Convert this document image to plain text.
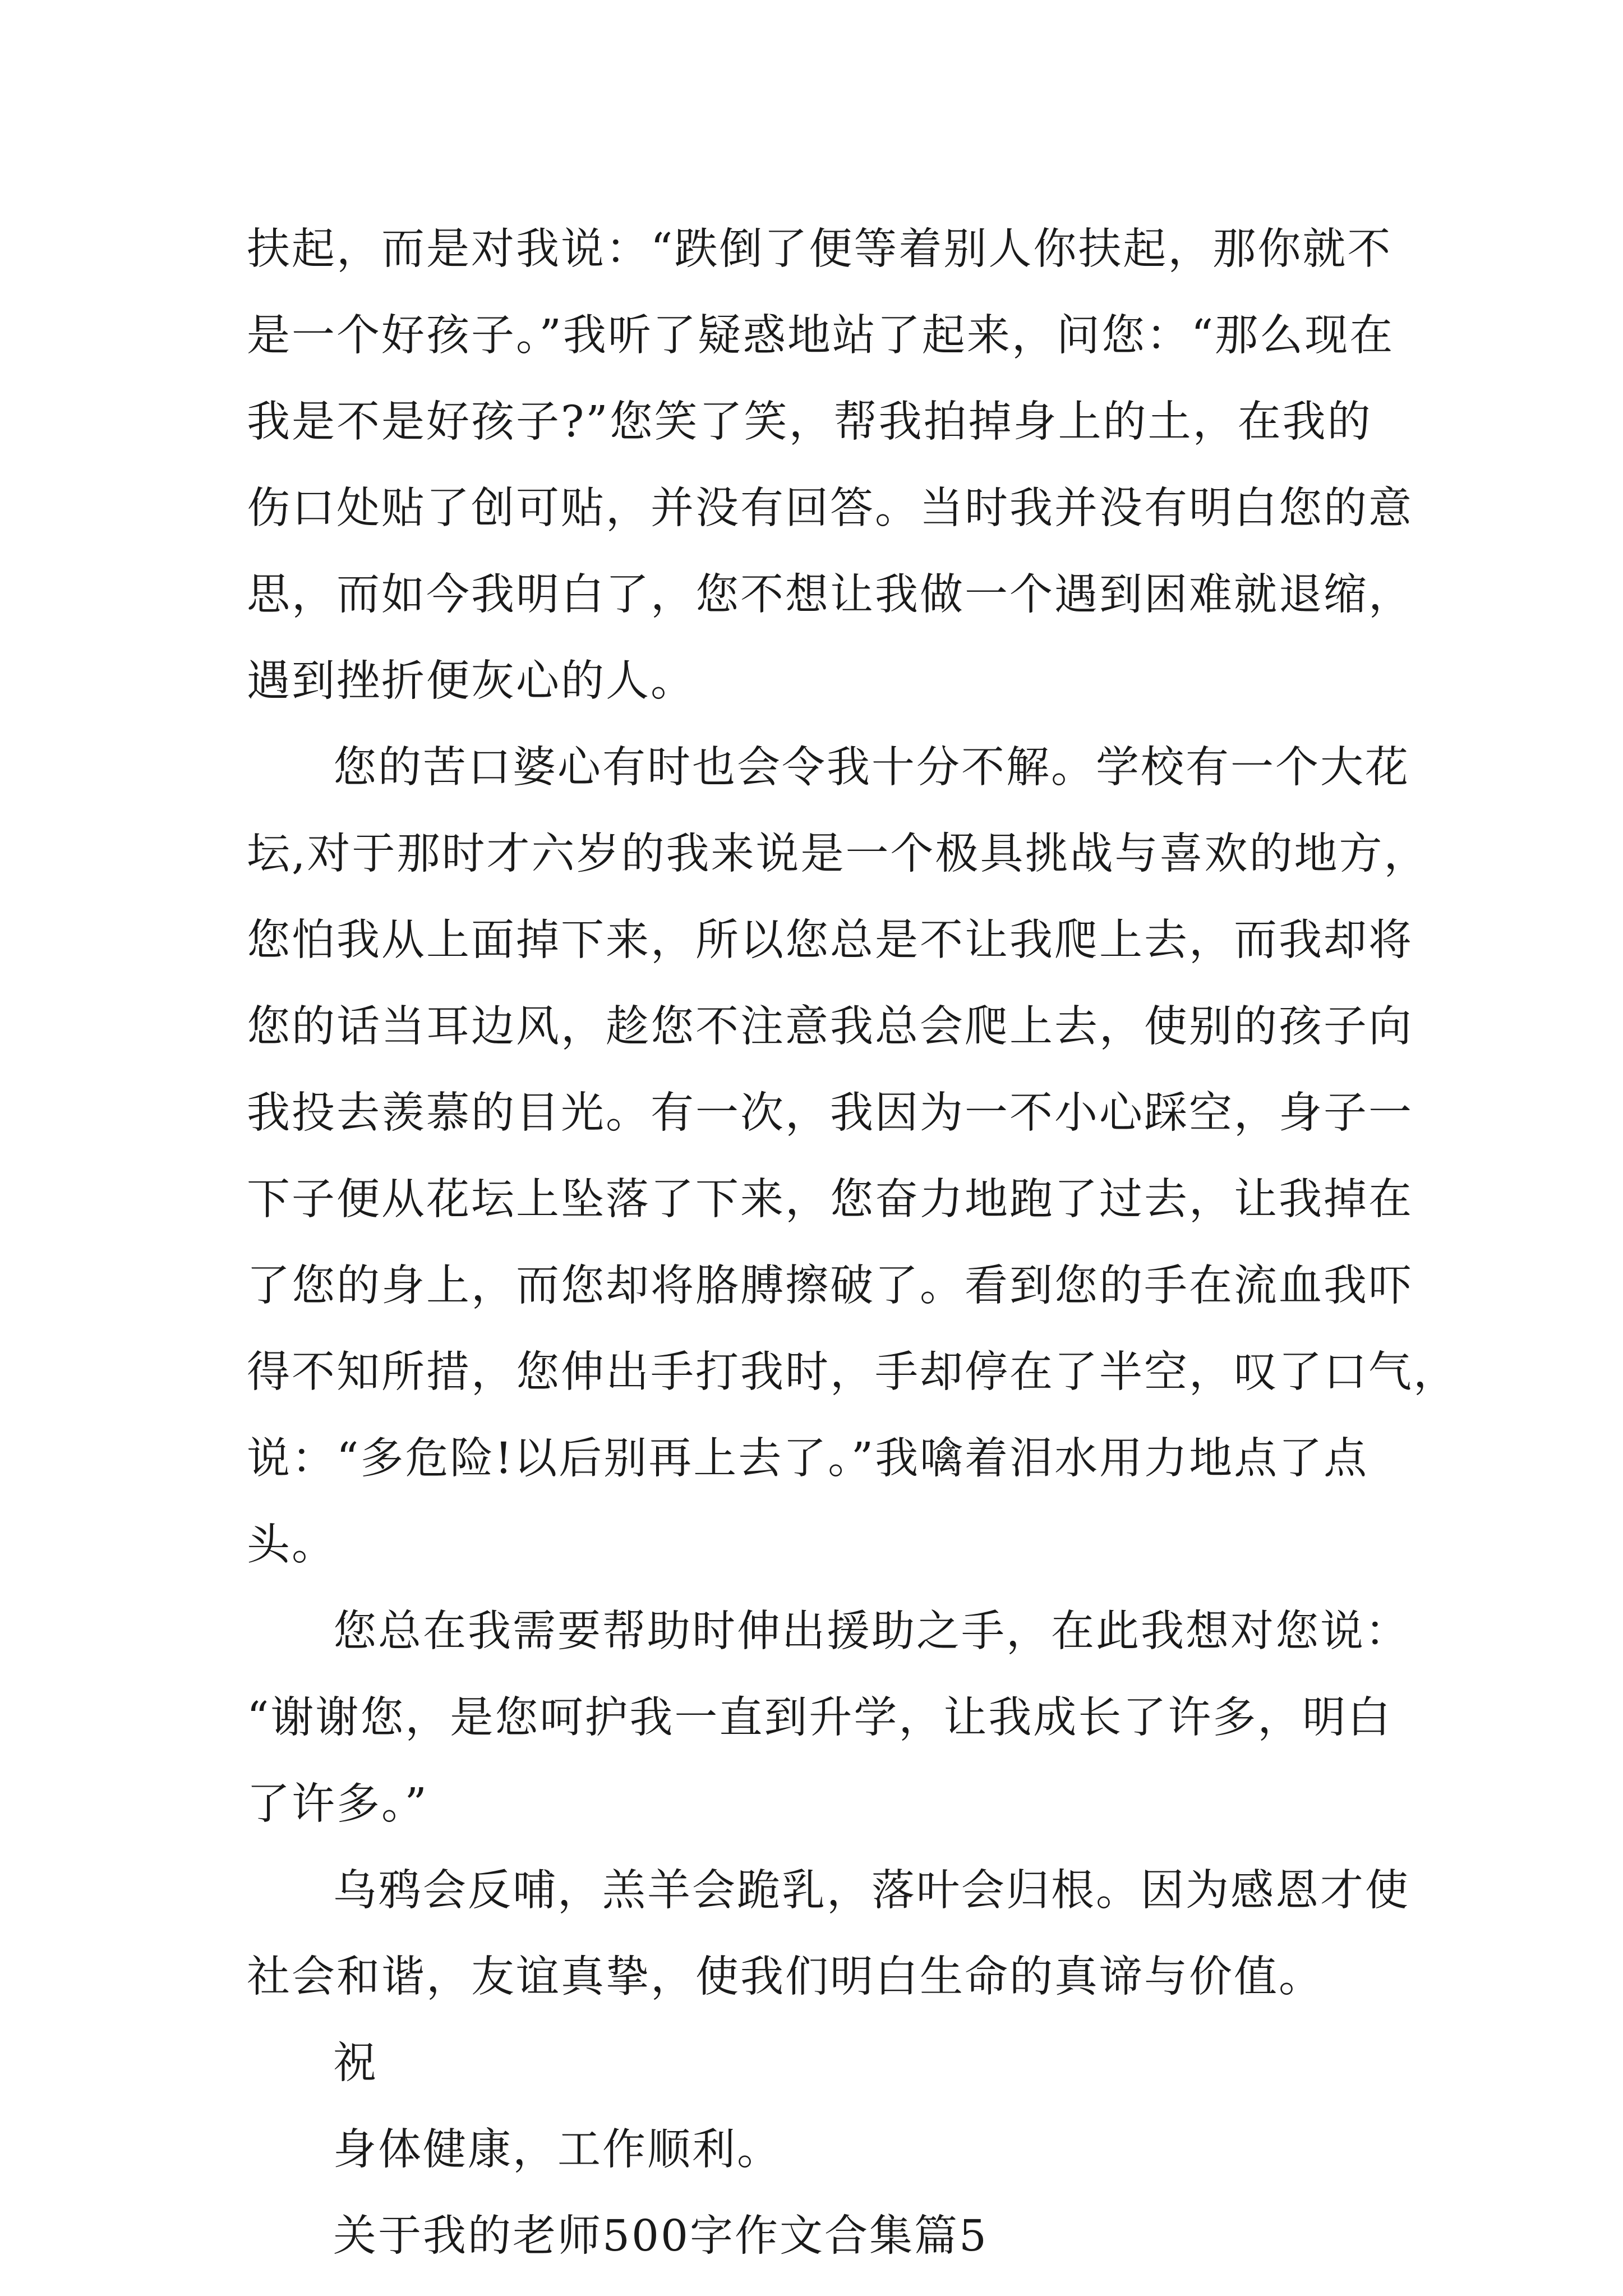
扶起，而是对我说：“跌倒了便等着别人你扶起，那你就不
是一个好孩子。”我听了疑惑地站了起来，问您：“那么现在
我是不是好孩子?”您笑了笑，帮我拍掉身上的土，在我的
伤口处贴了创可贴，并没有回答。当时我并没有明白您的意
思，而如今我明白了，您不想让我做一个遇到困难就退缩，
遇到挫折便灰心的人。
您的苦口婆心有时也会令我十分不解。学校有一个大花
坛,对于那时才六岁的我来说是一个极具挑战与喜欢的地方，
您怕我从上面掉下来，所以您总是不让我爬上去，而我却将
您的话当耳边风，趁您不注意我总会爬上去，使别的孩子向
我投去羡慕的目光。有一次，我因为一不小心踩空，身子一
下子便从花坛上坠落了下来，您奋力地跑了过去，让我掉在
了您的身上，而您却将胳膊擦破了。看到您的手在流血我吓
得不知所措，您伸出手打我时，手却停在了半空，叹了口气，
说：“多危险!以后别再上去了。”我噙着泪水用力地点了点
头。
您总在我需要帮助时伸出援助之手，在此我想对您说：
“谢谢您，是您呵护我一直到升学，让我成长了许多，明白
了许多。”
乌鸦会反哺，羔羊会跪乳，落叶会归根。因为感恩才使
社会和谐，友谊真挚，使我们明白生命的真谛与价值。
祝
身体健康，工作顺利。
关于我的老师500字作文合集篇5
